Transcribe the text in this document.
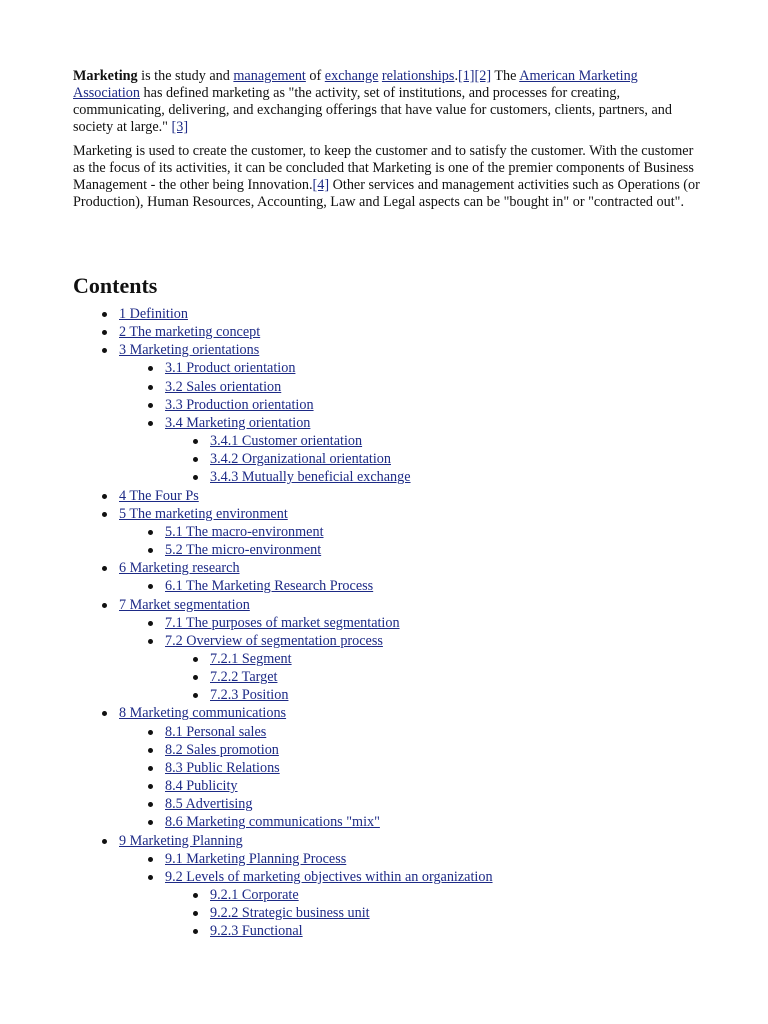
Marketing is the study and management of exchange relationships.[1][2] The American Marketing Association has defined marketing as "the activity, set of institutions, and processes for creating, communicating, delivering, and exchanging offerings that have value for customers, clients, partners, and society at large." [3]

Marketing is used to create the customer, to keep the customer and to satisfy the customer. With the customer as the focus of its activities, it can be concluded that Marketing is one of the premier components of Business Management - the other being Innovation.[4] Other services and management activities such as Operations (or Production), Human Resources, Accounting, Law and Legal aspects can be "bought in" or "contracted out".

Contents
1 Definition
2 The marketing concept
3 Marketing orientations
3.1 Product orientation
3.2 Sales orientation
3.3 Production orientation
3.4 Marketing orientation
3.4.1 Customer orientation
3.4.2 Organizational orientation
3.4.3 Mutually beneficial exchange
4 The Four Ps
5 The marketing environment
5.1 The macro-environment
5.2 The micro-environment
6 Marketing research
6.1 The Marketing Research Process
7 Market segmentation
7.1 The purposes of market segmentation
7.2 Overview of segmentation process
7.2.1 Segment
7.2.2 Target
7.2.3 Position
8 Marketing communications
8.1 Personal sales
8.2 Sales promotion
8.3 Public Relations
8.4 Publicity
8.5 Advertising
8.6 Marketing communications "mix"
9 Marketing Planning
9.1 Marketing Planning Process
9.2 Levels of marketing objectives within an organization
9.2.1 Corporate
9.2.2 Strategic business unit
9.2.3 Functional
